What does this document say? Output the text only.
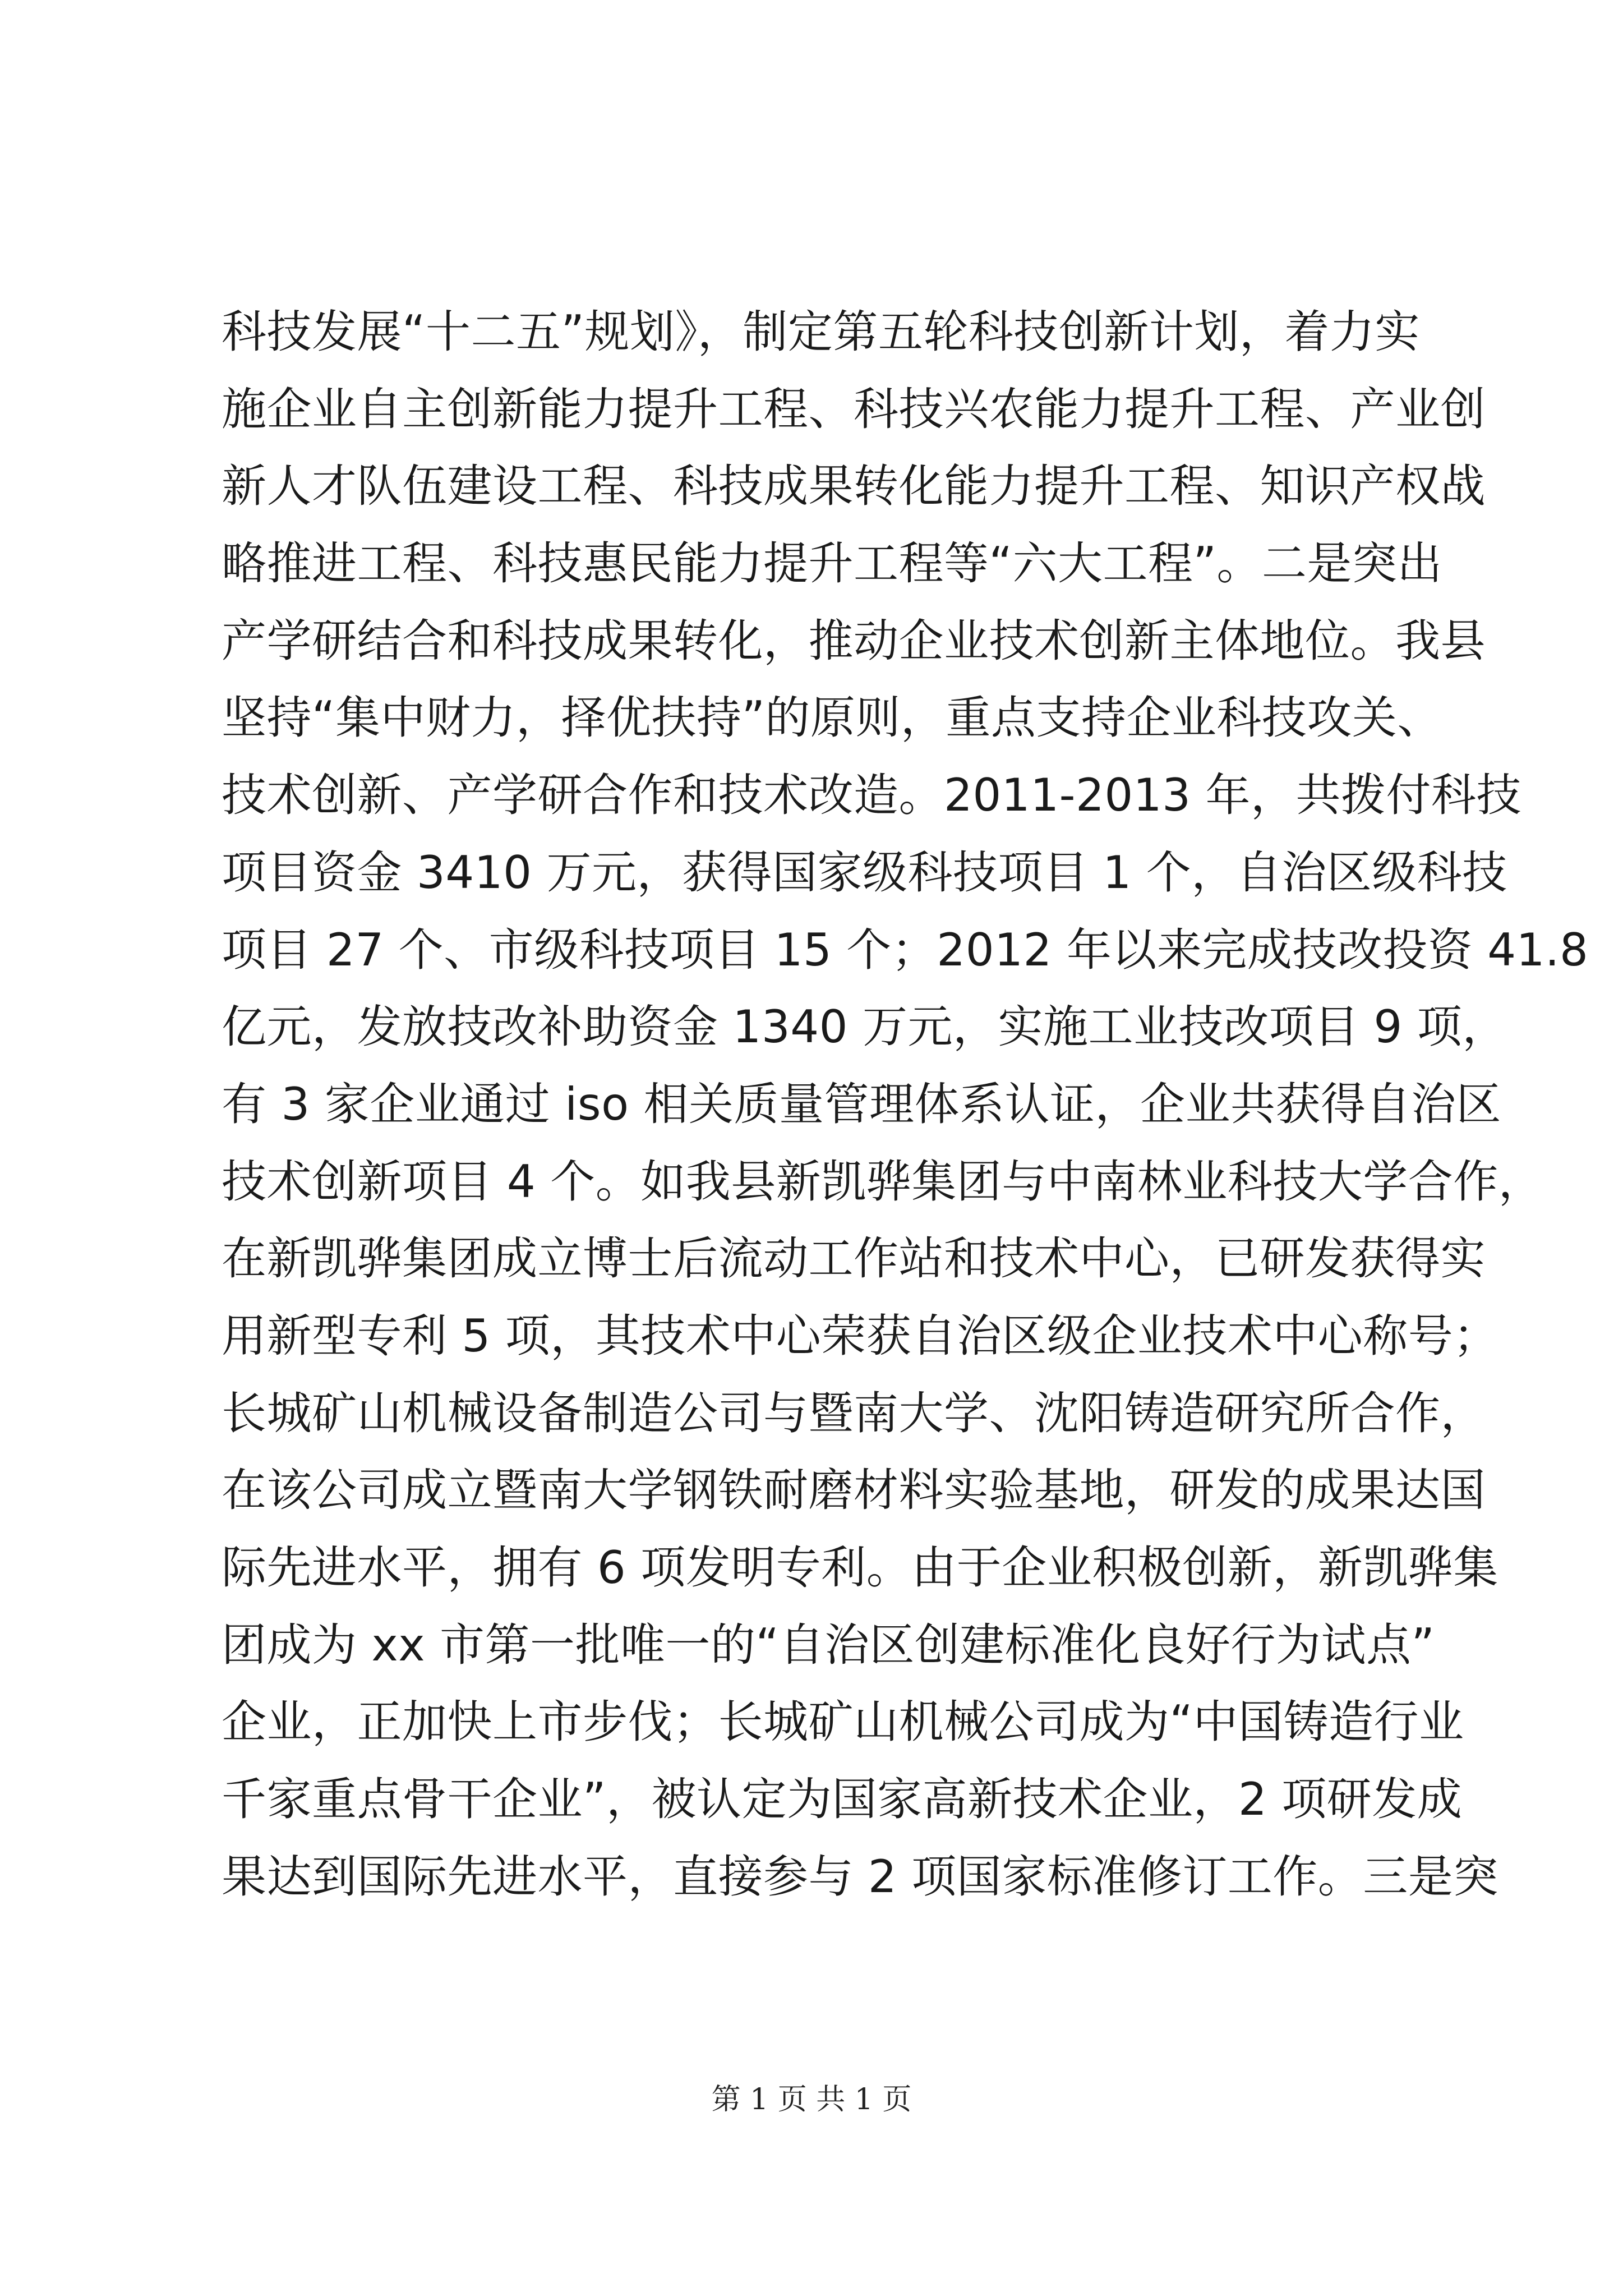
科技发展“十二五”规划》，制定第五轮科技创新计划，着力实
施企业自主创新能力提升工程、科技兴农能力提升工程、产业创
新人才队伍建设工程、科技成果转化能力提升工程、知识产权战
略推进工程、科技惠民能力提升工程等“六大工程”。二是突出
产学研结合和科技成果转化，推动企业技术创新主体地位。我县
坚持“集中财力，择优扶持”的原则，重点支持企业科技攻关、
技术创新、产学研合作和技术改造。2011-2013 年，共拨付科技
项目资金 3410 万元，获得国家级科技项目 1 个，自治区级科技
项目 27 个、市级科技项目 15 个；2012 年以来完成技改投资 41.8
亿元，发放技改补助资金 1340 万元，实施工业技改项目 9 项，
有 3 家企业通过 iso 相关质量管理体系认证，企业共获得自治区
技术创新项目 4 个。如我县新凯骅集团与中南林业科技大学合作，
在新凯骅集团成立博士后流动工作站和技术中心，已研发获得实
用新型专利 5 项，其技术中心荣获自治区级企业技术中心称号；
长城矿山机械设备制造公司与暨南大学、沈阳铸造研究所合作，
在该公司成立暨南大学钢铁耐磨材料实验基地，研发的成果达国
际先进水平，拥有 6 项发明专利。由于企业积极创新，新凯骅集
团成为 xx 市第一批唯一的“自治区创建标准化良好行为试点”
企业，正加快上市步伐；长城矿山机械公司成为“中国铸造行业
千家重点骨干企业”，被认定为国家高新技术企业，2 项研发成
果达到国际先进水平，直接参与 2 项国家标准修订工作。三是突
第 1 页 共 1 页
